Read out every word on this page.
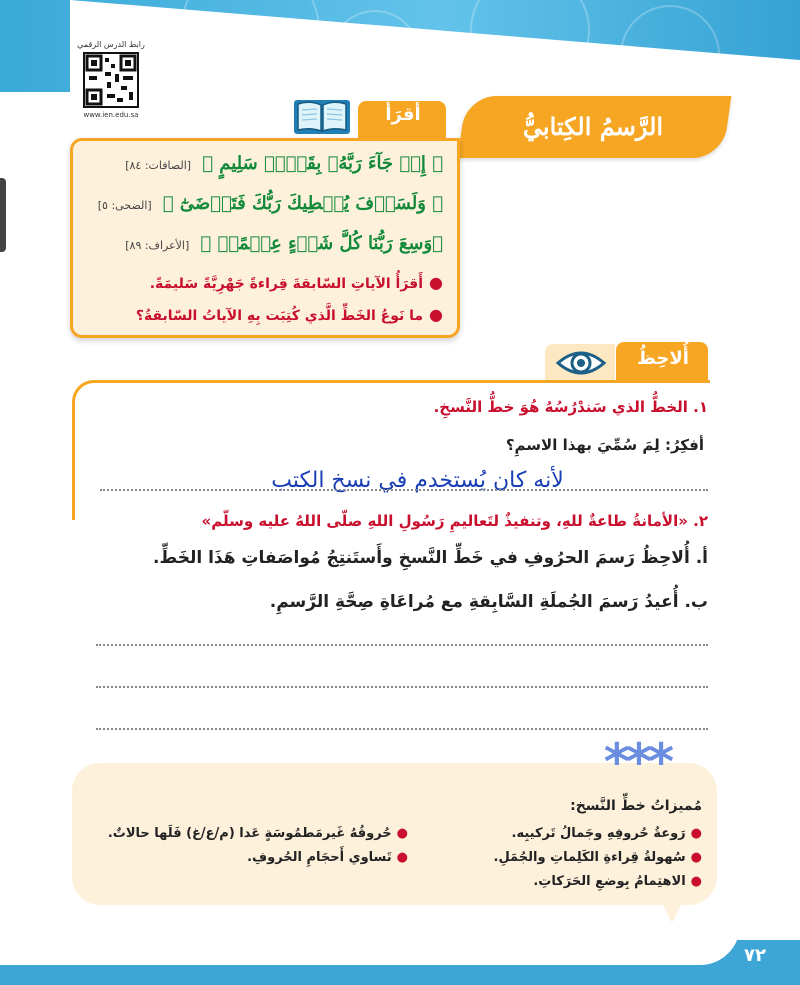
رابط الدرس الرقمي
www.ien.edu.sa	الرَّسمُ الكِتابيُّ
أَقرَأُ
﴿ إِذۡ جَآءَ رَبَّهُۥ بِقَلۡبٖ سَلِيمٍ ﴾ [الصافات: ٨٤]
﴿ وَلَسَوۡفَ يُعۡطِيكَ رَبُّكَ فَتَرۡضَىٰٓ ﴾ [الضحى: ٥]
﴿وَسِعَ رَبُّنَا كُلَّ شَيۡءٍ عِلۡمًاۚ ﴾ [الأعراف: ٨٩]
●أَقرَأُ الآياتِ السّابقةَ قِراءةً جَهْرِيَّةً سَليمَةً.
●ما نَوعُ الخَطِّ الَّذي كُتِبَت بِهِ الآياتُ السّابقةُ؟
أُلاحِظُ
١. الخطُّ الذي سَندْرُسُهُ هُوَ خطُّ النَّسخِ.
أفكِرُ: لِمَ سُمِّيَ بهذا الاسمِ؟
لأنه كان يُستخدم في نسخ الكتب
٢. «الأمانةُ طاعةٌ للهِ، وتنفيذٌ لتَعاليمِ رَسُولِ اللهِ صلّى اللهُ عليه وسلّم»
أ. أُلاحِظُ رَسمَ الحرُوفِ في خَطِّ النَّسخِ وأَستَنتِجُ مُواصَفاتِ هَذَا الخَطِّ.
ب. أُعيدُ رَسمَ الجُملَةِ السَّابِقةِ مع مُراعَاةِ صِحَّةِ الرَّسمِ.
***
مُميزاتُ خطِّ النَّسخ:
●رَوعةُ حُروفِهِ وجَمالُ تَركيبِه.
●سُهولةُ قِراءةِ الكَلِماتِ والجُمَلِ.
●الاهتِمامُ بِوضعِ الحَرَكاتِ.
●حُروفُهُ غَيرمَطمُوسَةٍ عَدا (م/ع/غ) فَلَها حالاتٌ.
●تَساوي أَحجَامِ الحُروفِ.
٧٢
